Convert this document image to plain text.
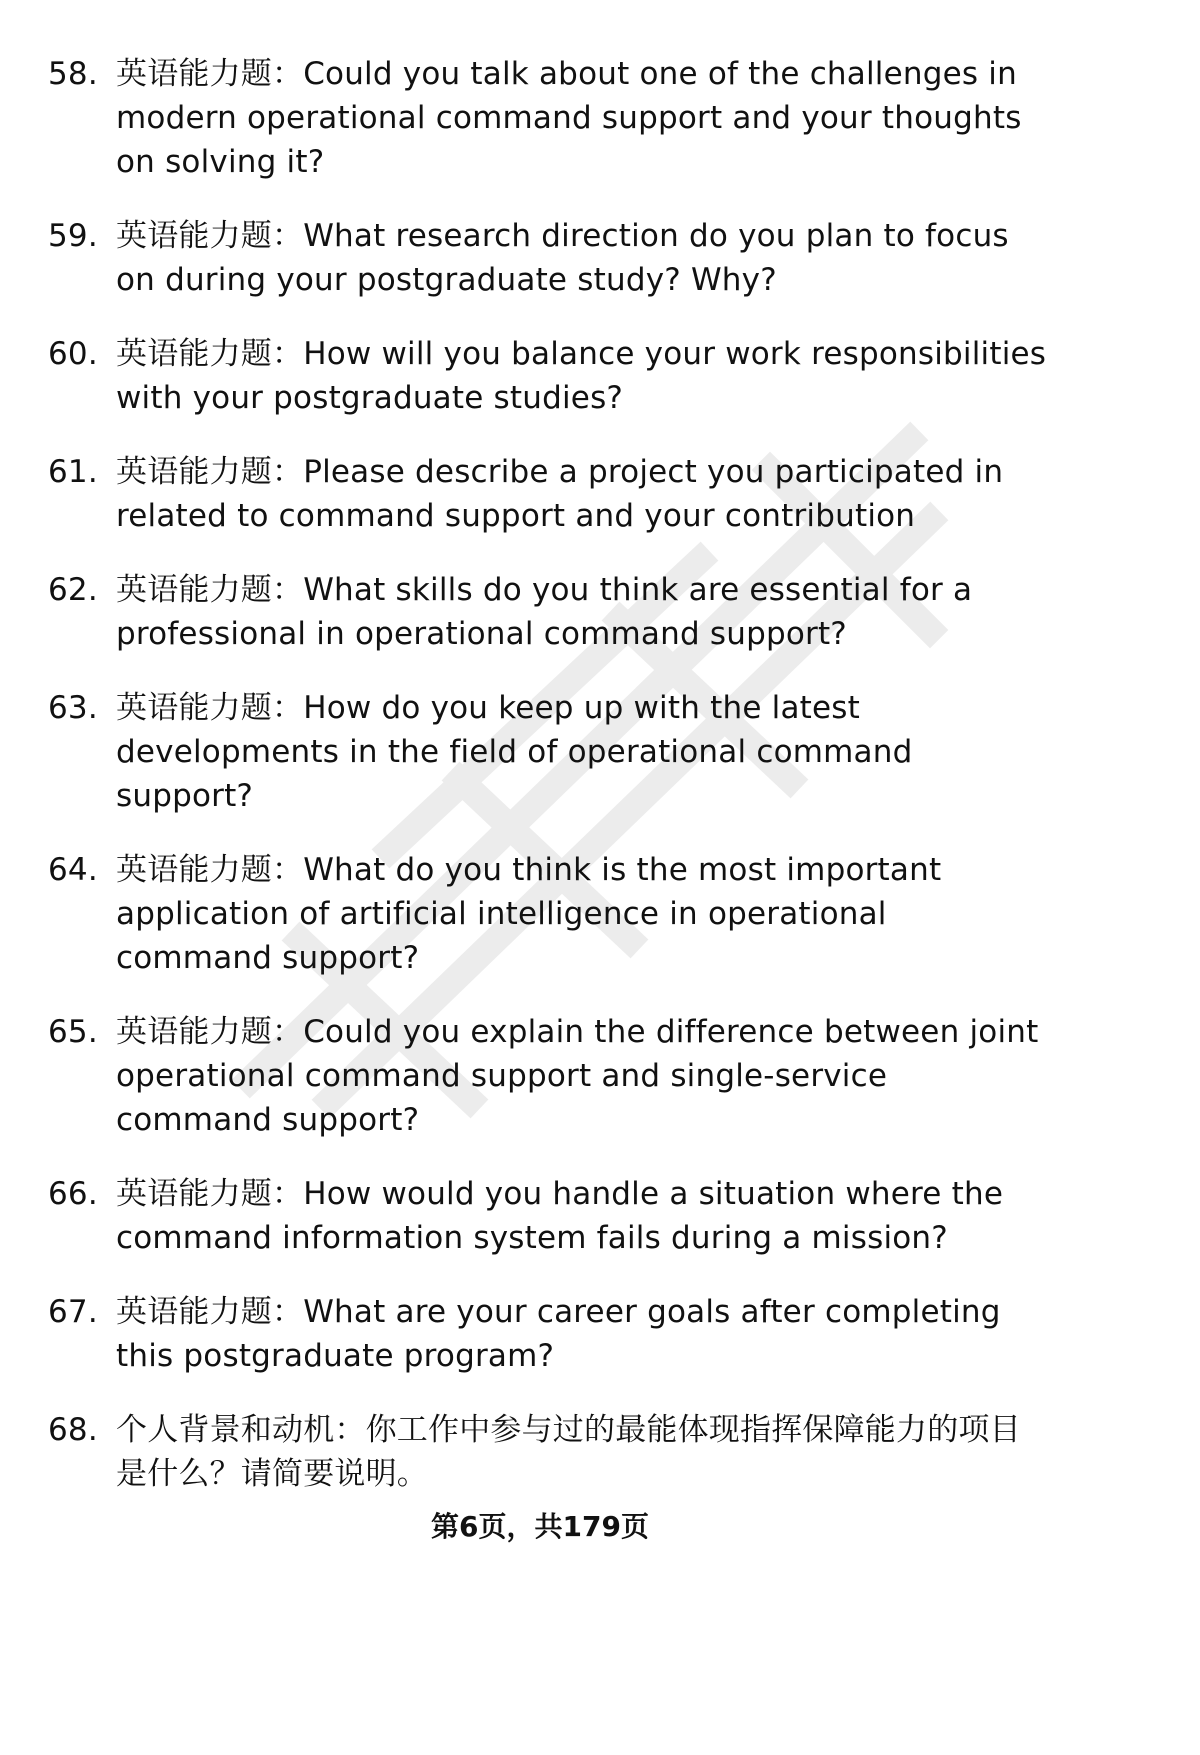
58. 英语能力题：Could you talk about one of the challenges in modern operational command support and your thoughts on solving it?
59. 英语能力题：What research direction do you plan to focus on during your postgraduate study? Why?
60. 英语能力题：How will you balance your work responsibilities with your postgraduate studies?
61. 英语能力题：Please describe a project you participated in related to command support and your contribution
62. 英语能力题：What skills do you think are essential for a professional in operational command support?
63. 英语能力题：How do you keep up with the latest developments in the field of operational command support?
64. 英语能力题：What do you think is the most important application of artificial intelligence in operational command support?
65. 英语能力题：Could you explain the difference between joint operational command support and single-service command support?
66. 英语能力题：How would you handle a situation where the command information system fails during a mission?
67. 英语能力题：What are your career goals after completing this postgraduate program?
68. 个人背景和动机：你工作中参与过的最能体现指挥保障能力的项目是什么？请简要说明。
第6页，共179页
